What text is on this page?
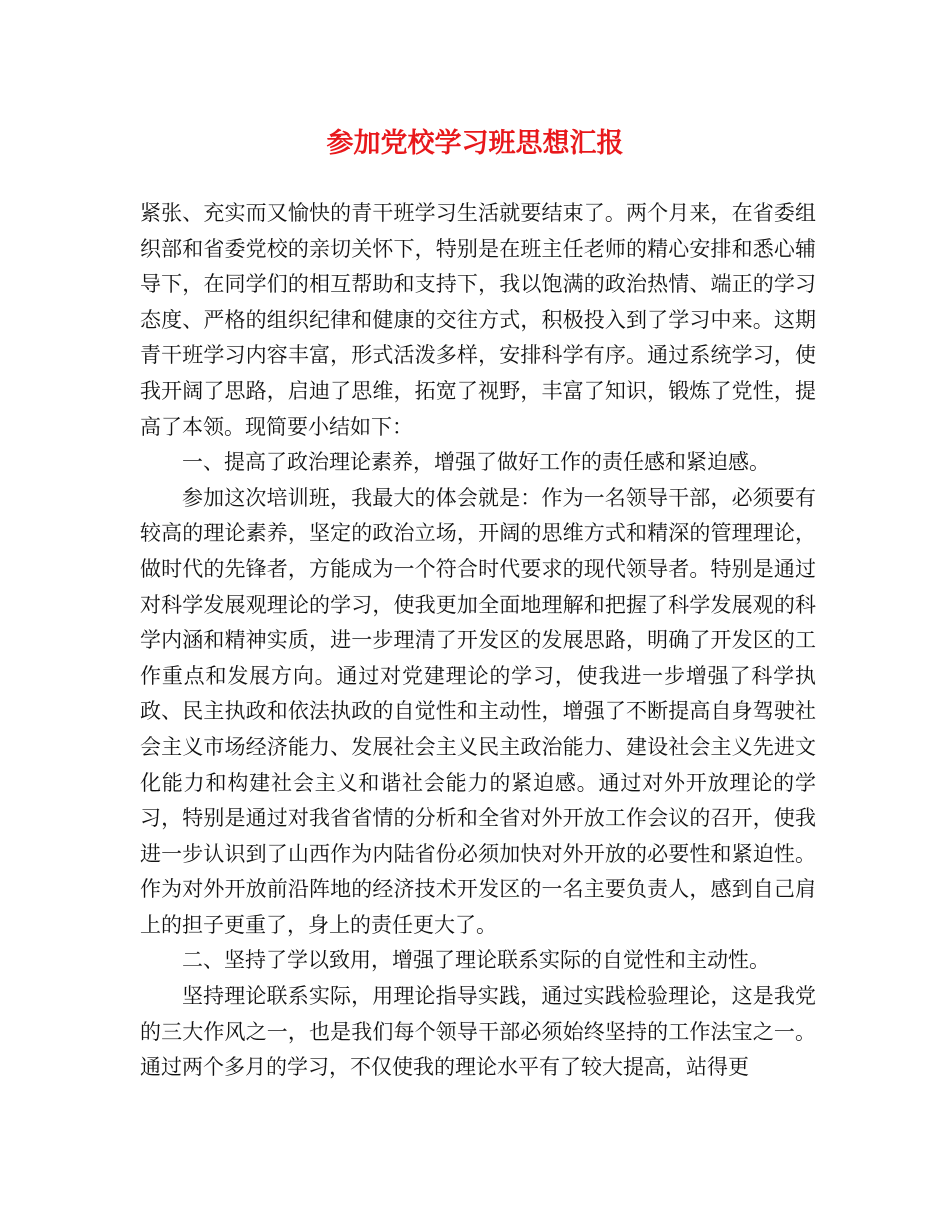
参加党校学习班思想汇报

紧张、充实而又愉快的青干班学习生活就要结束了。两个月来，在省委组织部和省委党校的亲切关怀下，特别是在班主任老师的精心安排和悉心辅导下，在同学们的相互帮助和支持下，我以饱满的政治热情、端正的学习态度、严格的组织纪律和健康的交往方式，积极投入到了学习中来。这期青干班学习内容丰富，形式活泼多样，安排科学有序。通过系统学习，使我开阔了思路，启迪了思维，拓宽了视野，丰富了知识，锻炼了党性，提高了本领。现简要小结如下：

一、提高了政治理论素养，增强了做好工作的责任感和紧迫感。

参加这次培训班，我最大的体会就是：作为一名领导干部，必须要有较高的理论素养，坚定的政治立场，开阔的思维方式和精深的管理理论，做时代的先锋者，方能成为一个符合时代要求的现代领导者。特别是通过对科学发展观理论的学习，使我更加全面地理解和把握了科学发展观的科学内涵和精神实质，进一步理清了开发区的发展思路，明确了开发区的工作重点和发展方向。通过对党建理论的学习，使我进一步增强了科学执政、民主执政和依法执政的自觉性和主动性，增强了不断提高自身驾驶社会主义市场经济能力、发展社会主义民主政治能力、建设社会主义先进文化能力和构建社会主义和谐社会能力的紧迫感。通过对外开放理论的学习，特别是通过对我省省情的分析和全省对外开放工作会议的召开，使我进一步认识到了山西作为内陆省份必须加快对外开放的必要性和紧迫性。作为对外开放前沿阵地的经济技术开发区的一名主要负责人，感到自己肩上的担子更重了，身上的责任更大了。

二、坚持了学以致用，增强了理论联系实际的自觉性和主动性。

坚持理论联系实际，用理论指导实践，通过实践检验理论，这是我党的三大作风之一，也是我们每个领导干部必须始终坚持的工作法宝之一。通过两个多月的学习，不仅使我的理论水平有了较大提高，站得更
